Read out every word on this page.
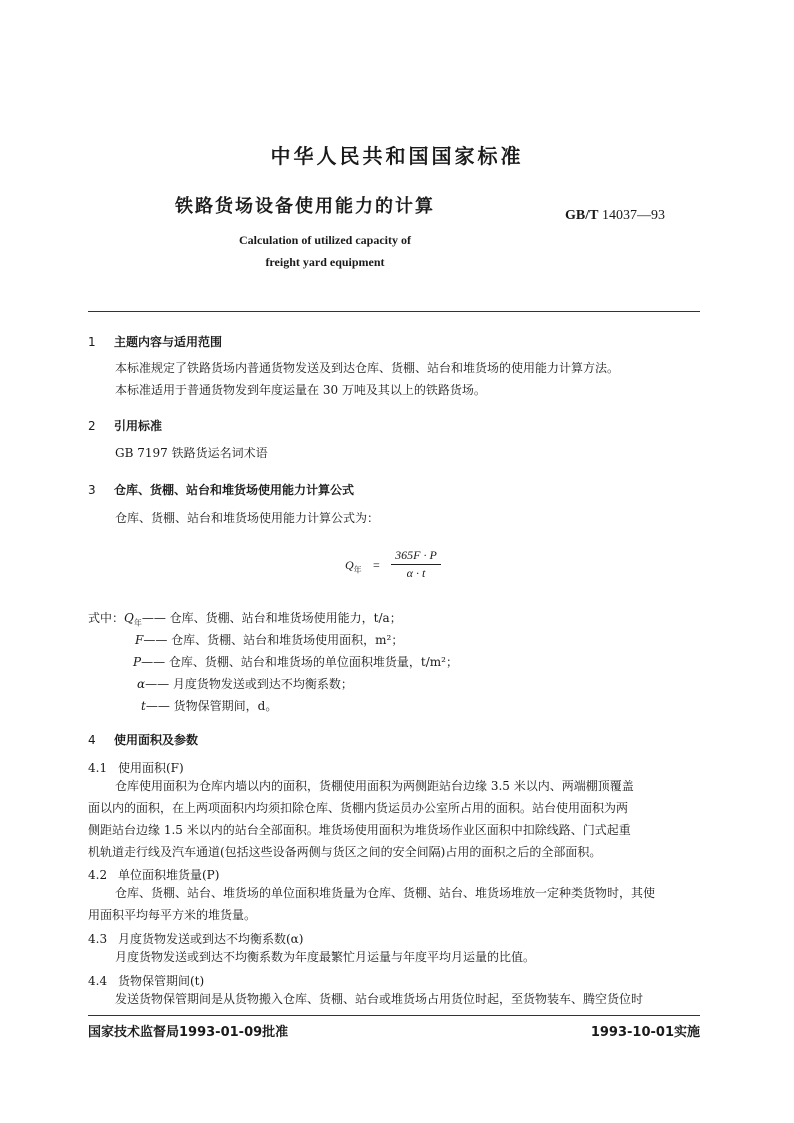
中华人民共和国国家标准
铁路货场设备使用能力的计算	GB/T 14037—93
Calculation of utilized capacity of
freight yard equipment
1 主题内容与适用范围
本标准规定了铁路货场内普通货物发送及到达仓库、货棚、站台和堆货场的使用能力计算方法。
本标准适用于普通货物发到年度运量在 30 万吨及其以上的铁路货场。
2 引用标准
GB 7197 铁路货运名词术语
3 仓库、货棚、站台和堆货场使用能力计算公式
仓库、货棚、站台和堆货场使用能力计算公式为：
$Q_年 = \frac{365F \cdot P}{\alpha \cdot t}$
式中：$Q_年——$ 仓库、货棚、站台和堆货场使用能力，t/a；
F—— 仓库、货棚、站台和堆货场使用面积，m²；
P—— 仓库、货棚、站台和堆货场的单位面积堆货量，t/m²；
α—— 月度货物发送或到达不均衡系数；
t—— 货物保管期间，d。
4 使用面积及参数
4.1 使用面积(F)
仓库使用面积为仓库内墙以内的面积，货棚使用面积为两侧距站台边缘 3.5 米以内、两端棚顶覆盖
面以内的面积，在上两项面积内均须扣除仓库、货棚内货运员办公室所占用的面积。站台使用面积为两
侧距站台边缘 1.5 米以内的站台全部面积。堆货场使用面积为堆货场作业区面积中扣除线路、门式起重
机轨道走行线及汽车通道(包括这些设备两侧与货区之间的安全间隔)占用的面积之后的全部面积。
4.2 单位面积堆货量(P)
仓库、货棚、站台、堆货场的单位面积堆货量为仓库、货棚、站台、堆货场堆放一定种类货物时，其使
用面积平均每平方米的堆货量。
4.3 月度货物发送或到达不均衡系数(α)
月度货物发送或到达不均衡系数为年度最繁忙月运量与年度平均月运量的比值。
4.4 货物保管期间(t)
发送货物保管期间是从货物搬入仓库、货棚、站台或堆货场占用货位时起，至货物装车、腾空货位时
国家技术监督局1993-01-09批准	1993-10-01实施
